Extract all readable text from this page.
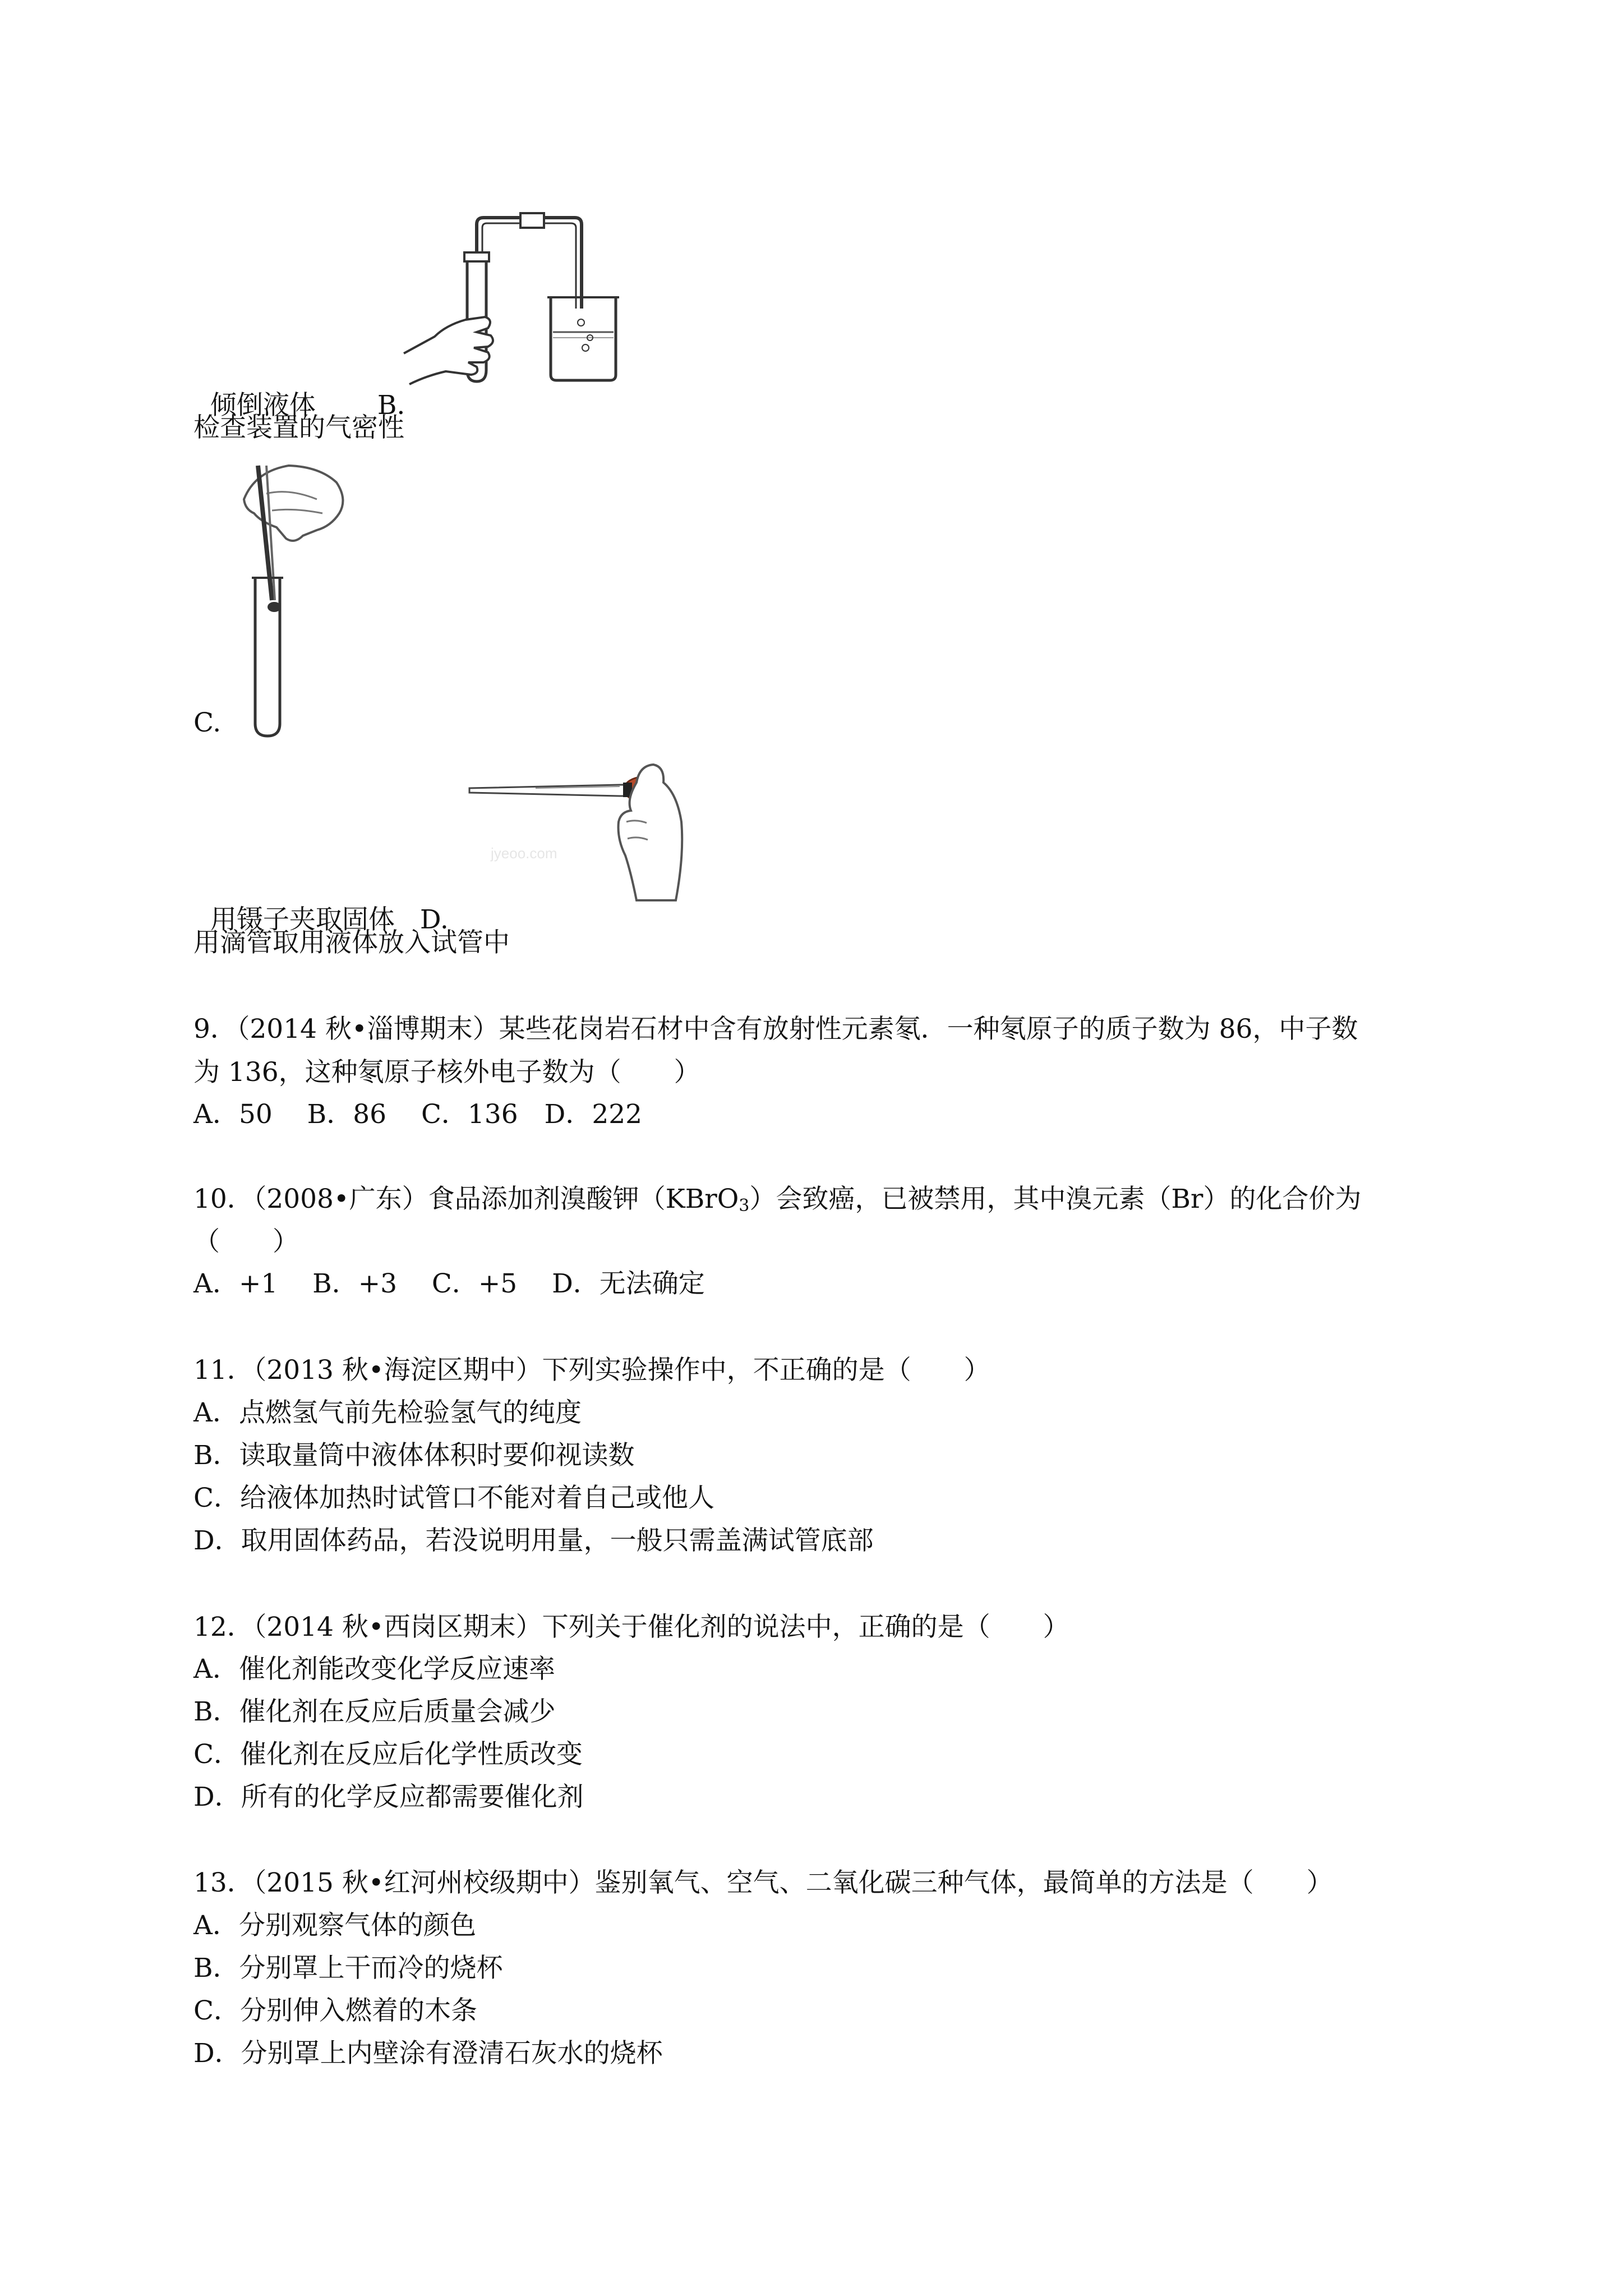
倾倒液体 B.

检查装置的气密性
C.
jyeoo.com

用镊子夹取固体 D.

用滴管取用液体放入试管中
9．（2014 秋•淄博期末）某些花岗岩石材中含有放射性元素氡．一种氡原子的质子数为 86，中子数
为 136，这种氡原子核外电子数为（　　）
A．50　 B．86　 C．136　D．222
10．（2008•广东）食品添加剂溴酸钾（KBrO$_3$）会致癌，已被禁用，其中溴元素（Br）的化合价为
（　　）
A．+1　 B．+3　 C．+5　 D．无法确定
11．（2013 秋•海淀区期中）下列实验操作中，不正确的是（　　）
A．点燃氢气前先检验氢气的纯度
B．读取量筒中液体体积时要仰视读数
C．给液体加热时试管口不能对着自己或他人
D．取用固体药品，若没说明用量，一般只需盖满试管底部
12．（2014 秋•西岗区期末）下列关于催化剂的说法中，正确的是（　　）
A．催化剂能改变化学反应速率
B．催化剂在反应后质量会减少
C．催化剂在反应后化学性质改变
D．所有的化学反应都需要催化剂
13．（2015 秋•红河州校级期中）鉴别氧气、空气、二氧化碳三种气体，最简单的方法是（　　）
A．分别观察气体的颜色
B．分别罩上干而冷的烧杯
C．分别伸入燃着的木条
D．分别罩上内壁涂有澄清石灰水的烧杯
